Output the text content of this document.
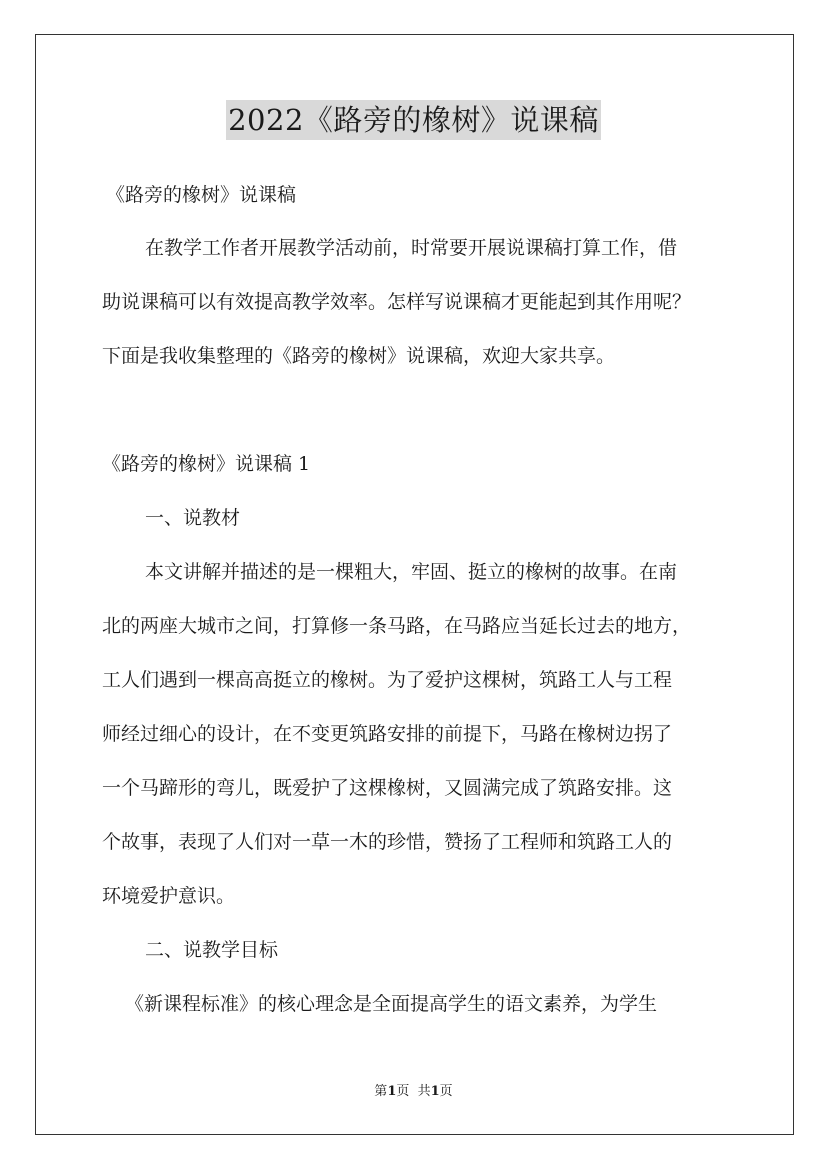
2022《路旁的橡树》说课稿
《路旁的橡树》说课稿
在教学工作者开展教学活动前，时常要开展说课稿打算工作，借
助说课稿可以有效提高教学效率。怎样写说课稿才更能起到其作用呢？
下面是我收集整理的《路旁的橡树》说课稿，欢迎大家共享。
《路旁的橡树》说课稿 1
一、说教材
本文讲解并描述的是一棵粗大，牢固、挺立的橡树的故事。在南
北的两座大城市之间，打算修一条马路，在马路应当延长过去的地方，
工人们遇到一棵高高挺立的橡树。为了爱护这棵树，筑路工人与工程
师经过细心的设计，在不变更筑路安排的前提下，马路在橡树边拐了
一个马蹄形的弯儿，既爱护了这棵橡树，又圆满完成了筑路安排。这
个故事，表现了人们对一草一木的珍惜，赞扬了工程师和筑路工人的
环境爱护意识。
二、说教学目标
《新课程标准》的核心理念是全面提高学生的语文素养，为学生
第1页  共1页
